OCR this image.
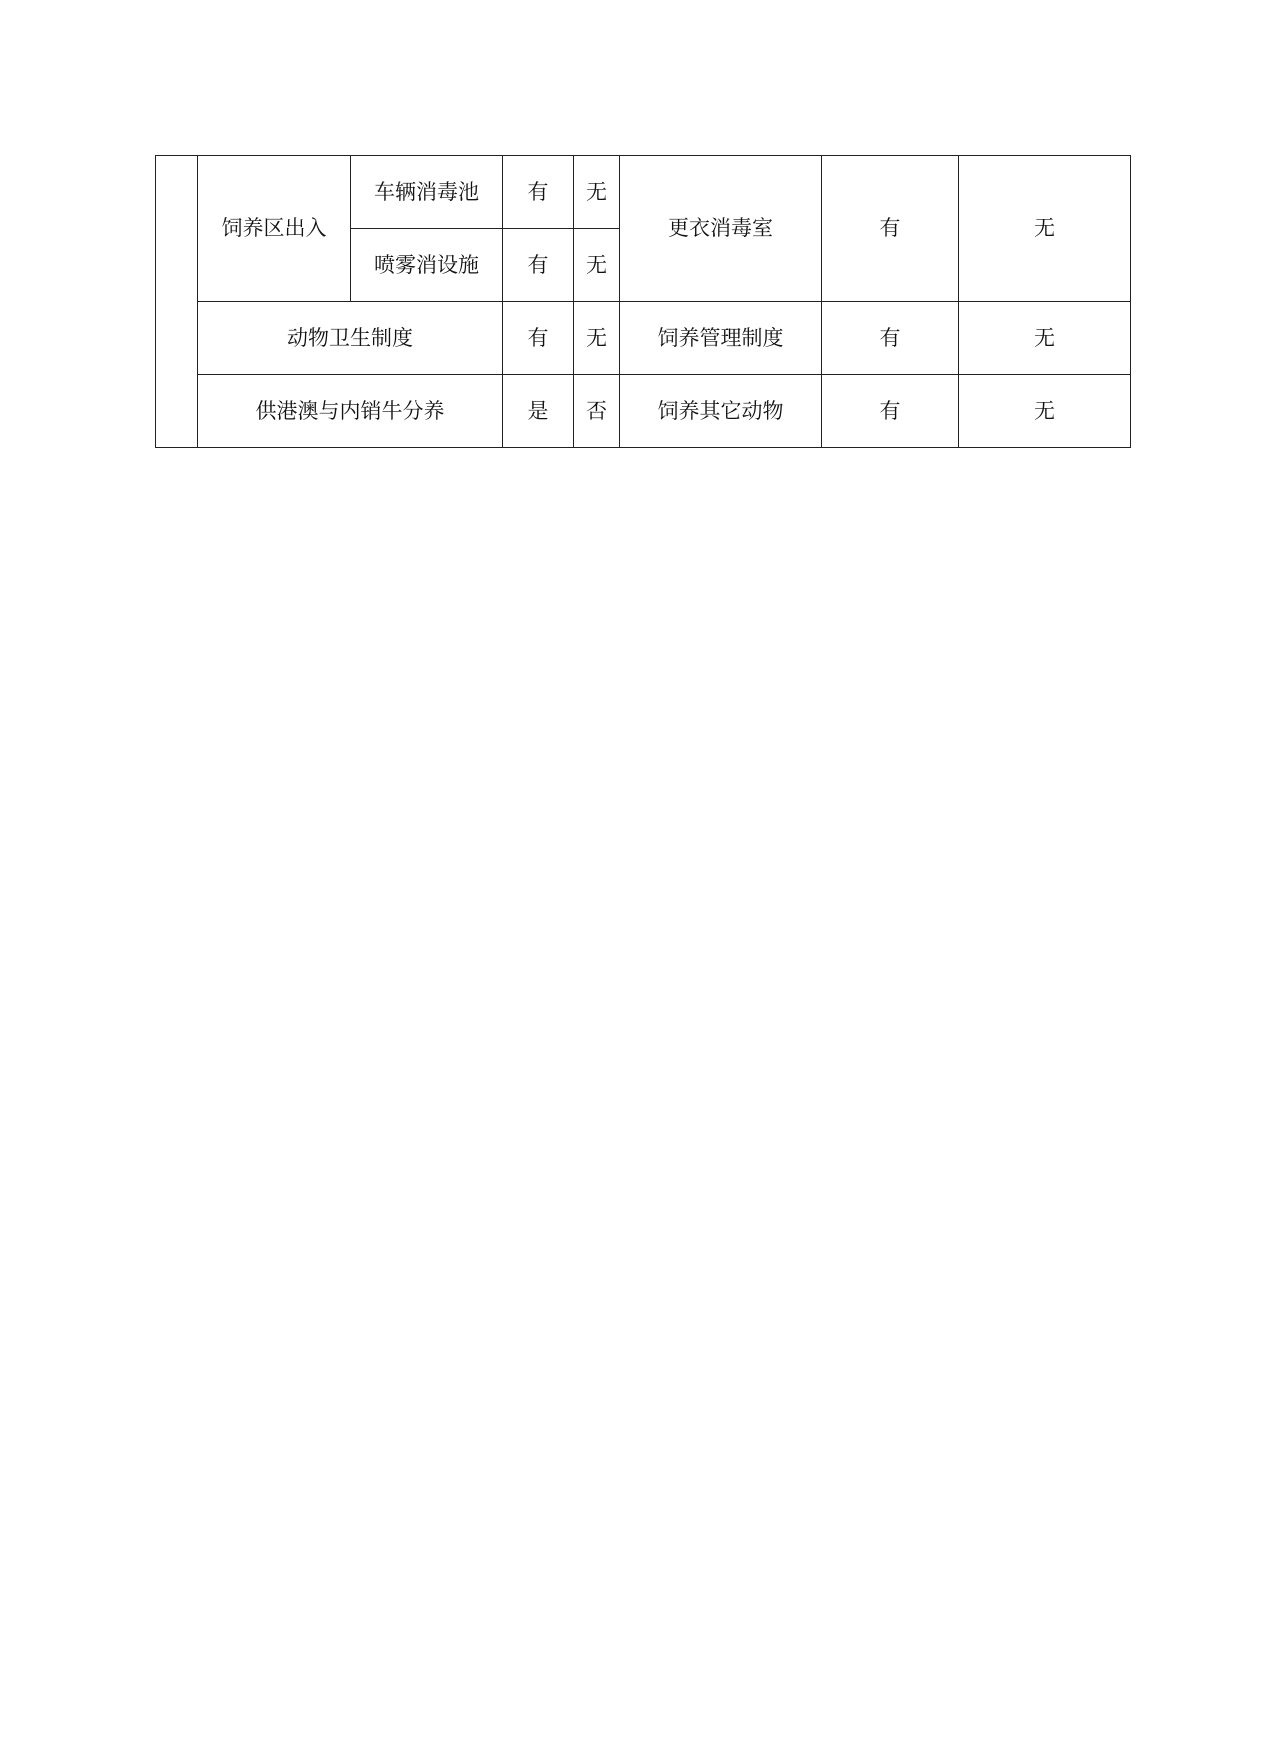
	饲养区出入	车辆消毒池	有	无	更衣消毒室	有	无
		喷雾消设施	有	无			
	动物卫生制度		有	无	饲养管理制度	有	无
	供港澳与内销牛分养		是	否	饲养其它动物	有	无
